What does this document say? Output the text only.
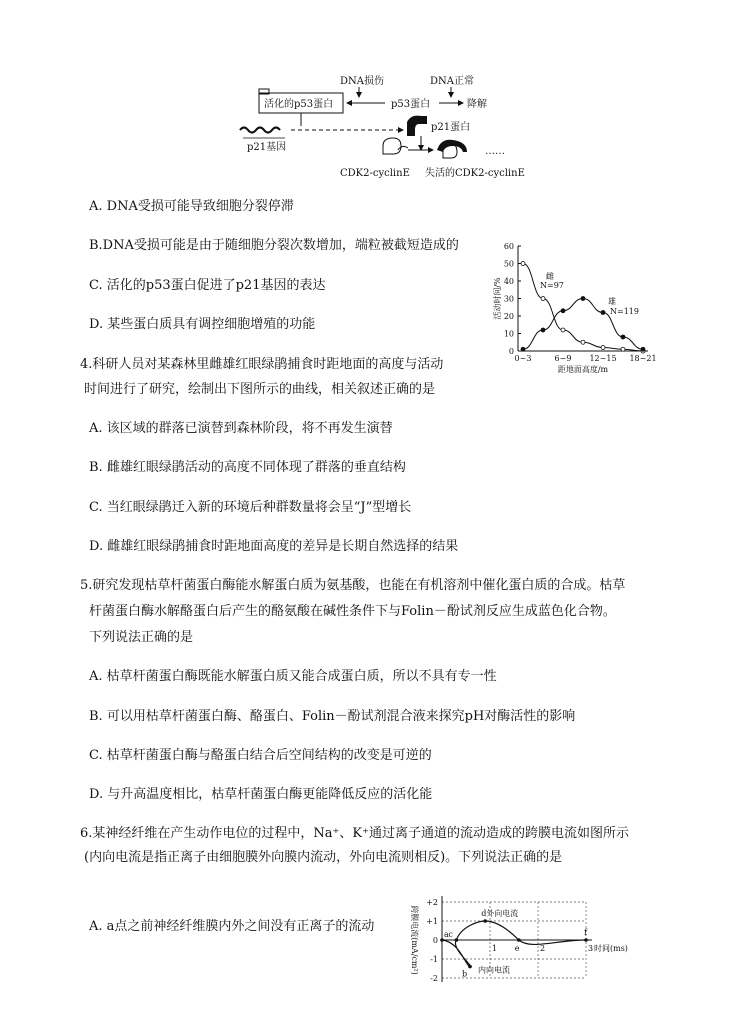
DNA损伤	DNA正常
活化的p53蛋白	p53蛋白	降解
p21蛋白
p21基因	……
CDK2-cyclinE 失活的CDK2-cyclinE
A. DNA受损可能导致细胞分裂停滞
B.DNA受损可能是由于随细胞分裂次数增加，端粒被截短造成的
C. 活化的p53蛋白促进了p21基因的表达
D. 某些蛋白质具有调控细胞增殖的功能
60
50
40
30
20
10
0
0~3	6~9 12~15 18~21
距地面高度/m
活动时间/%
雌
N=97
雄
N=119
4.科研人员对某森林里雌雄红眼绿鹃捕食时距地面的高度与活动
时间进行了研究，绘制出下图所示的曲线，相关叙述正确的是
A. 该区域的群落已演替到森林阶段，将不再发生演替
B. 雌雄红眼绿鹃活动的高度不同体现了群落的垂直结构
C. 当红眼绿鹃迁入新的环境后种群数量将会呈“J”型增长
D. 雌雄红眼绿鹃捕食时距地面高度的差异是长期自然选择的结果
5.研究发现枯草杆菌蛋白酶能水解蛋白质为氨基酸，也能在有机溶剂中催化蛋白质的合成。枯草
杆菌蛋白酶水解酪蛋白后产生的酪氨酸在碱性条件下与Folin－酚试剂反应生成蓝色化合物。
下列说法正确的是
A. 枯草杆菌蛋白酶既能水解蛋白质又能合成蛋白质，所以不具有专一性
B. 可以用枯草杆菌蛋白酶、酪蛋白、Folin－酚试剂混合液来探究pH对酶活性的影响
C. 枯草杆菌蛋白酶与酪蛋白结合后空间结构的改变是可逆的
D. 与升高温度相比，枯草杆菌蛋白酶更能降低反应的活化能
6.某神经纤维在产生动作电位的过程中，Na⁺、K⁺通过离子通道的流动造成的跨膜电流如图所示
(内向电流是指正离子由细胞膜外向膜内流动，外向电流则相反)。下列说法正确的是
A. a点之前神经纤维膜内外之间没有正离子的流动
+2
+1
0
-1
-2
1	2	3 时间(ms)
跨膜电流(mA/cm²)	a
b
c
e
f
d外向电流
内向电流
